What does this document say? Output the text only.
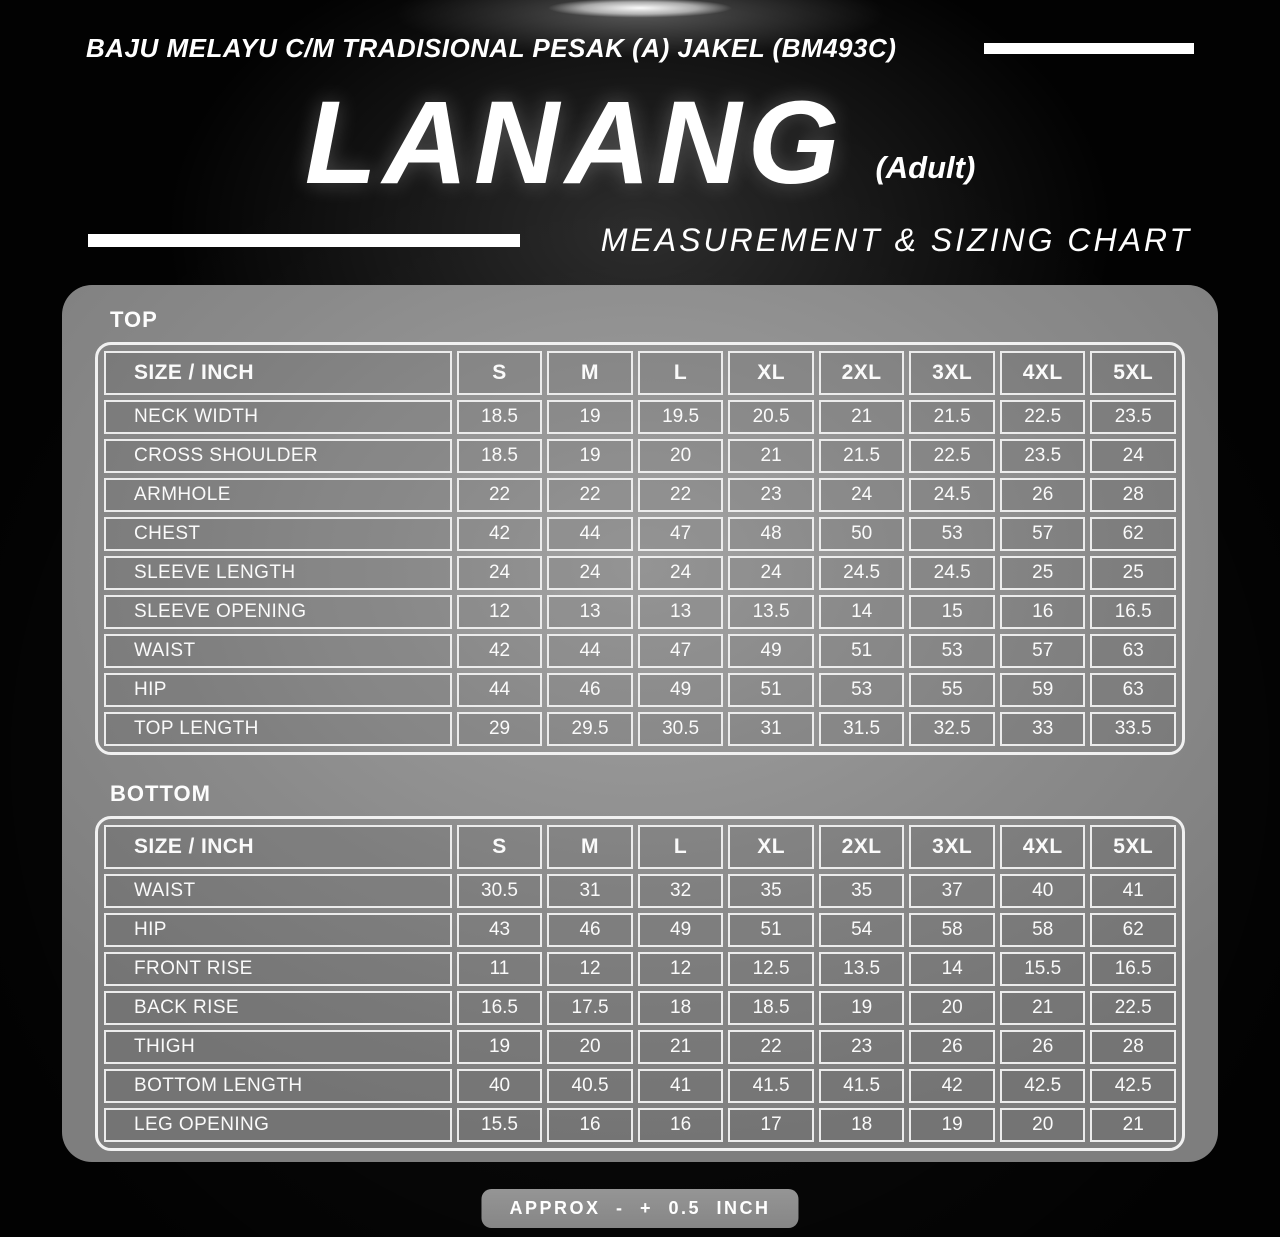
BAJU MELAYU C/M TRADISIONAL PESAK (A) JAKEL (BM493C)
LANANG (Adult)
MEASUREMENT & SIZING CHART
TOP
SIZE / INCH	S	M	L	XL	2XL	3XL	4XL	5XL
NECK WIDTH	18.5	19	19.5	20.5	21	21.5	22.5	23.5
CROSS SHOULDER	18.5	19	20	21	21.5	22.5	23.5	24
ARMHOLE	22	22	22	23	24	24.5	26	28
CHEST	42	44	47	48	50	53	57	62
SLEEVE LENGTH	24	24	24	24	24.5	24.5	25	25
SLEEVE OPENING	12	13	13	13.5	14	15	16	16.5
WAIST	42	44	47	49	51	53	57	63
HIP	44	46	49	51	53	55	59	63
TOP LENGTH	29	29.5	30.5	31	31.5	32.5	33	33.5
BOTTOM
SIZE / INCH	S	M	L	XL	2XL	3XL	4XL	5XL
WAIST	30.5	31	32	35	35	37	40	41
HIP	43	46	49	51	54	58	58	62
FRONT RISE	11	12	12	12.5	13.5	14	15.5	16.5
BACK RISE	16.5	17.5	18	18.5	19	20	21	22.5
THIGH	19	20	21	22	23	26	26	28
BOTTOM LENGTH	40	40.5	41	41.5	41.5	42	42.5	42.5
LEG OPENING	15.5	16	16	17	18	19	20	21
APPROX - + 0.5 INCH
